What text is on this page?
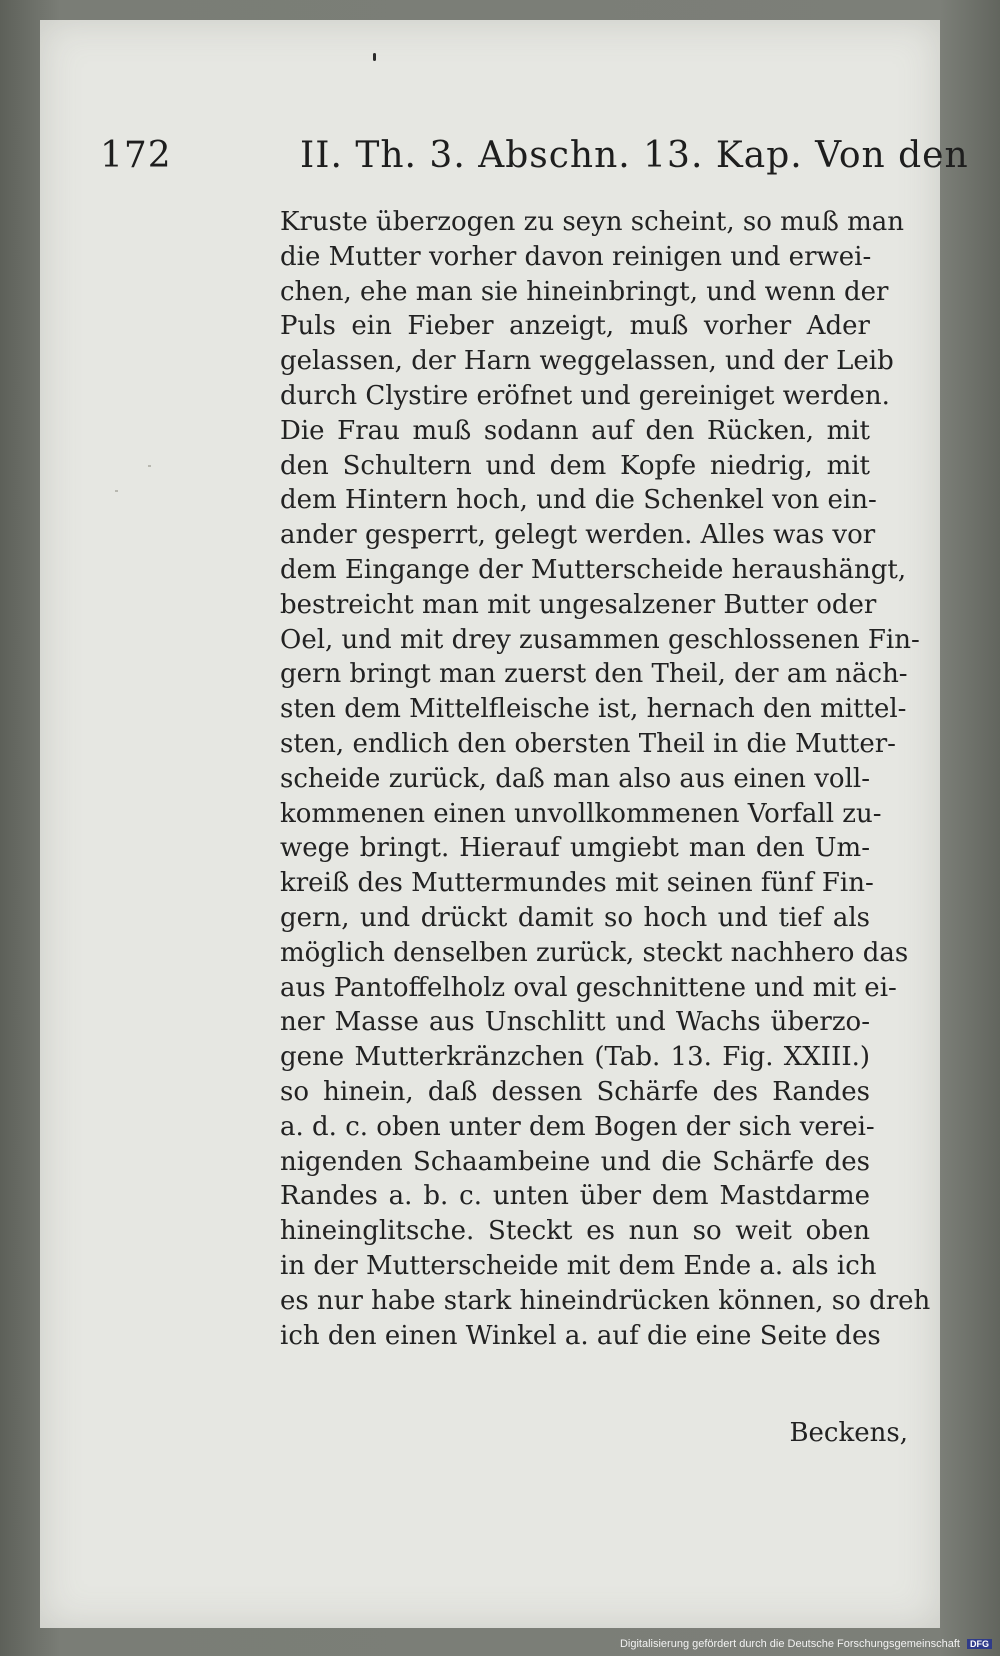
172	II. Th. 3. Abschn. 13. Kap. Von den
Kruste überzogen zu seyn scheint, so muß man
die Mutter vorher davon reinigen und erwei-
chen, ehe man sie hineinbringt, und wenn der
Puls ein Fieber anzeigt, muß vorher Ader
gelassen, der Harn weggelassen, und der Leib
durch Clystire eröfnet und gereiniget werden.
Die Frau muß sodann auf den Rücken, mit
den Schultern und dem Kopfe niedrig, mit
dem Hintern hoch, und die Schenkel von ein-
ander gesperrt, gelegt werden. Alles was vor
dem Eingange der Mutterscheide heraushängt,
bestreicht man mit ungesalzener Butter oder
Oel, und mit drey zusammen geschlossenen Fin-
gern bringt man zuerst den Theil, der am näch-
sten dem Mittelfleische ist, hernach den mittel-
sten, endlich den obersten Theil in die Mutter-
scheide zurück, daß man also aus einen voll-
kommenen einen unvollkommenen Vorfall zu-
wege bringt. Hierauf umgiebt man den Um-
kreiß des Muttermundes mit seinen fünf Fin-
gern, und drückt damit so hoch und tief als
möglich denselben zurück, steckt nachhero das
aus Pantoffelholz oval geschnittene und mit ei-
ner Masse aus Unschlitt und Wachs überzo-
gene Mutterkränzchen (Tab. 13. Fig. XXIII.)
so hinein, daß dessen Schärfe des Randes
a. d. c. oben unter dem Bogen der sich verei-
nigenden Schaambeine und die Schärfe des
Randes a. b. c. unten über dem Mastdarme
hineinglitsche. Steckt es nun so weit oben
in der Mutterscheide mit dem Ende a. als ich
es nur habe stark hineindrücken können, so dreh
ich den einen Winkel a. auf die eine Seite des
Beckens,
Digitalisierung gefördert durch die Deutsche Forschungsgemeinschaft DFG
